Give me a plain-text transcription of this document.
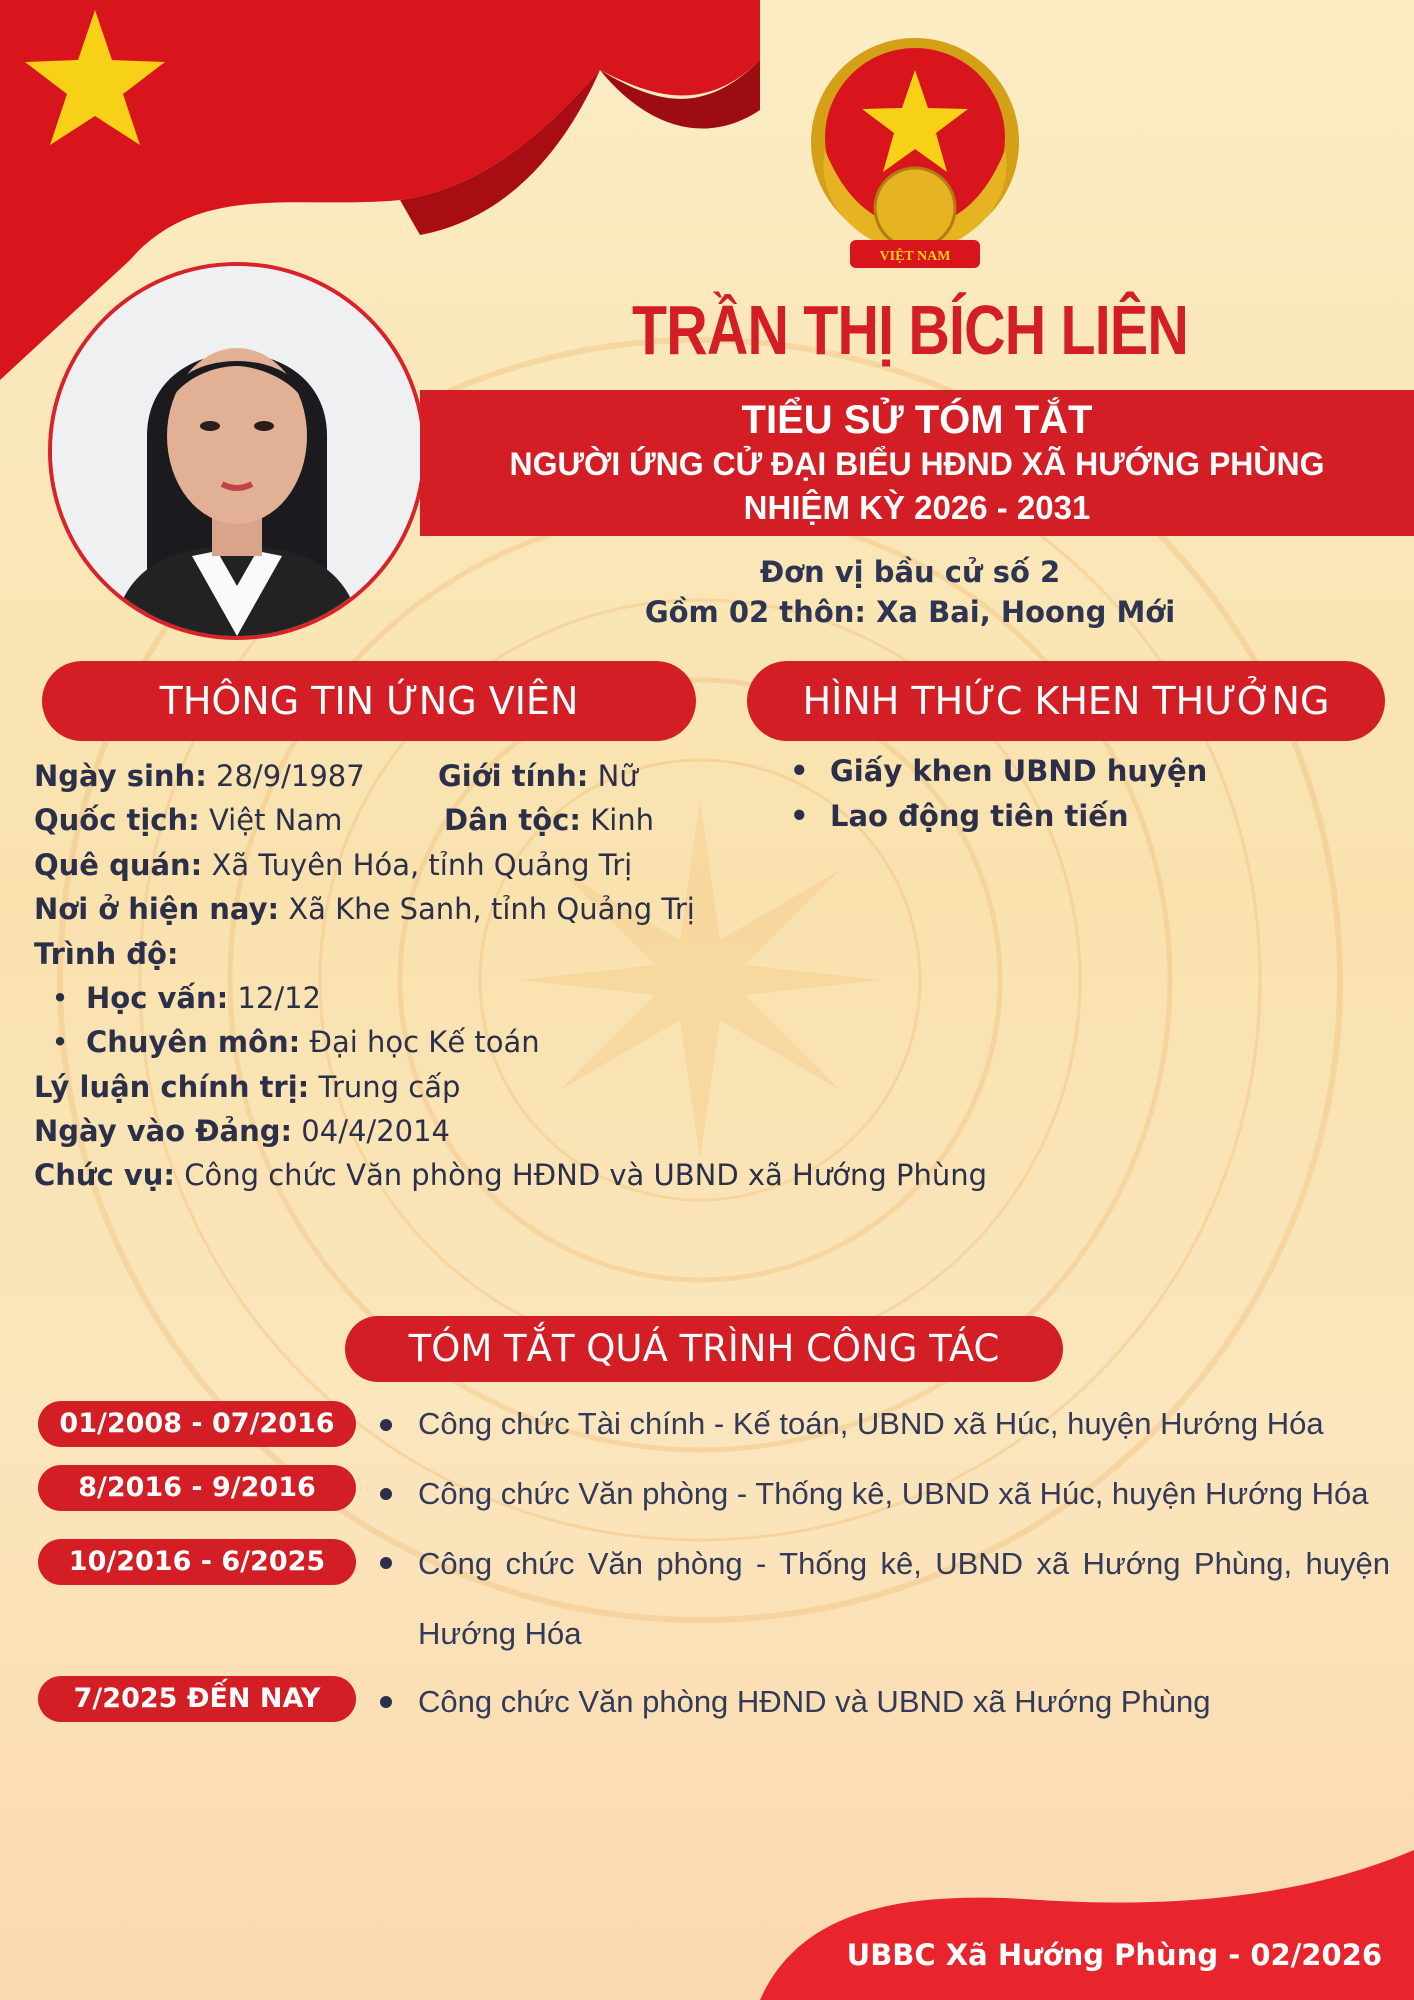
VIỆT NAM
TRẦN THỊ BÍCH LIÊN
TIỂU SỬ TÓM TẮT
NGƯỜI ỨNG CỬ ĐẠI BIỂU HĐND XÃ HƯỚNG PHÙNG
NHIỆM KỲ 2026 - 2031
Đơn vị bầu cử số 2
Gồm 02 thôn: Xa Bai, Hoong Mới
THÔNG TIN ỨNG VIÊN	HÌNH THỨC KHEN THƯỞNG
Ngày sinh: 28/9/1987	Giới tính: Nữ
Quốc tịch: Việt Nam	Dân tộc: Kinh
Quê quán: Xã Tuyên Hóa, tỉnh Quảng Trị
Nơi ở hiện nay: Xã Khe Sanh, tỉnh Quảng Trị
Trình độ:
• Học vấn: 12/12
• Chuyên môn: Đại học Kế toán
Lý luận chính trị: Trung cấp
Ngày vào Đảng: 04/4/2014
Chức vụ: Công chức Văn phòng HĐND và UBND xã Hướng Phùng
• Giấy khen UBND huyện
• Lao động tiên tiến
TÓM TẮT QUÁ TRÌNH CÔNG TÁC
01/2008 - 07/2016	Công chức Tài chính - Kế toán, UBND xã Húc, huyện Hướng Hóa
8/2016 - 9/2016	Công chức Văn phòng - Thống kê, UBND xã Húc, huyện Hướng Hóa
10/2016 - 6/2025	Công chức Văn phòng - Thống kê, UBND xã Hướng Phùng, huyện Hướng Hóa
7/2025 ĐẾN NAY	Công chức Văn phòng HĐND và UBND xã Hướng Phùng
UBBC Xã Hướng Phùng - 02/2026
